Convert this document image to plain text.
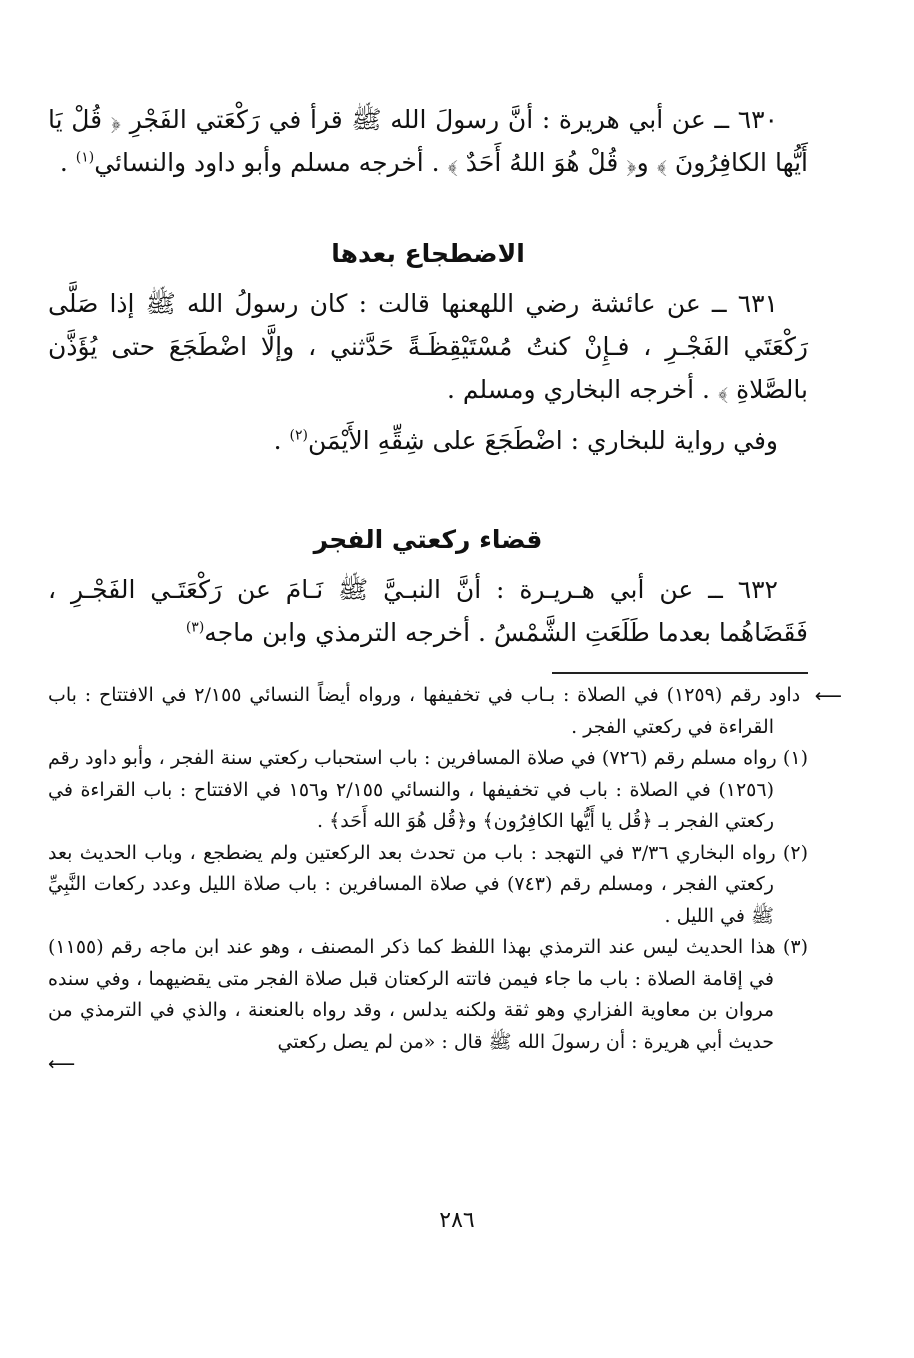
٦٣٠ ــ عن أبي هريرة : أنَّ رسولَ الله ﷺ قرأ في رَكْعَتي الفَجْرِ ﴿ قُلْ يَا أَيُّها الكافِرُونَ ﴾ و﴿ قُلْ هُوَ اللهُ أَحَدٌ ﴾ . أخرجه مسلم وأبو داود والنسائي$^{(١)}$ .

الاضطجاع بعدها

٦٣١ ــ عن عائشة رضي اللهعنها قالت : كان رسولُ الله ﷺ إذا صَلَّى رَكْعَتَي الفَجْـرِ ، فـإِنْ كنتُ مُسْتَيْقِظَـةً حَدَّثني ، وإلَّا اضْطَجَعَ حتى يُؤَذَّن بالصَّلاةِ ﴾ . أخرجه البخاري ومسلم .

وفي رواية للبخاري : اضْطَجَعَ على شِقِّهِ الأَيْمَن$^{(٢)}$ .

قضاء ركعتي الفجر

٦٣٢ ــ عن أبي هـريـرة : أنَّ النبـيَّ ﷺ نَـامَ عن رَكْعَتَـي الفَجْـرِ ، فَقَضَاهُما بعدما طَلَعَتِ الشَّمْسُ . أخرجه الترمذي وابن ماجه$^{(٣)}$

⟵ داود رقم (١٢٥٩) في الصلاة : بـاب في تخفيفها ، ورواه أيضاً النسائي ٢/١٥٥ في الافتتاح : باب القراءة في ركعتي الفجر .

(١) رواه مسلم رقم (٧٢٦) في صلاة المسافرين : باب استحباب ركعتي سنة الفجر ، وأبو داود رقم (١٢٥٦) في الصلاة : باب في تخفيفها ، والنسائي ٢/١٥٥ و١٥٦ في الافتتاح : باب القراءة في ركعتي الفجر بـ ﴿قُل يا أَيُّها الكافِرُون﴾ و﴿قُل هُوَ الله أَحَد﴾ .

(٢) رواه البخاري ٣/٣٦ في التهجد : باب من تحدث بعد الركعتين ولم يضطجع ، وباب الحديث بعد ركعتي الفجر ، ومسلم رقم (٧٤٣) في صلاة المسافرين : باب صلاة الليل وعدد ركعات النَّبِيِّ ﷺ في الليل .

(٣) هذا الحديث ليس عند الترمذي بهذا اللفظ كما ذكر المصنف ، وهو عند ابن ماجه رقم (١١٥٥) في إقامة الصلاة : باب ما جاء فيمن فاتته الركعتان قبل صلاة الفجر متى يقضيهما ، وفي سنده مروان بن معاوية الفزاري وهو ثقة ولكنه يدلس ، وقد رواه بالعنعنة ، والذي في الترمذي من حديث أبي هريرة : أن رسولَ الله ﷺ قال : «من لم يصل ركعتي

⟵

٢٨٦
